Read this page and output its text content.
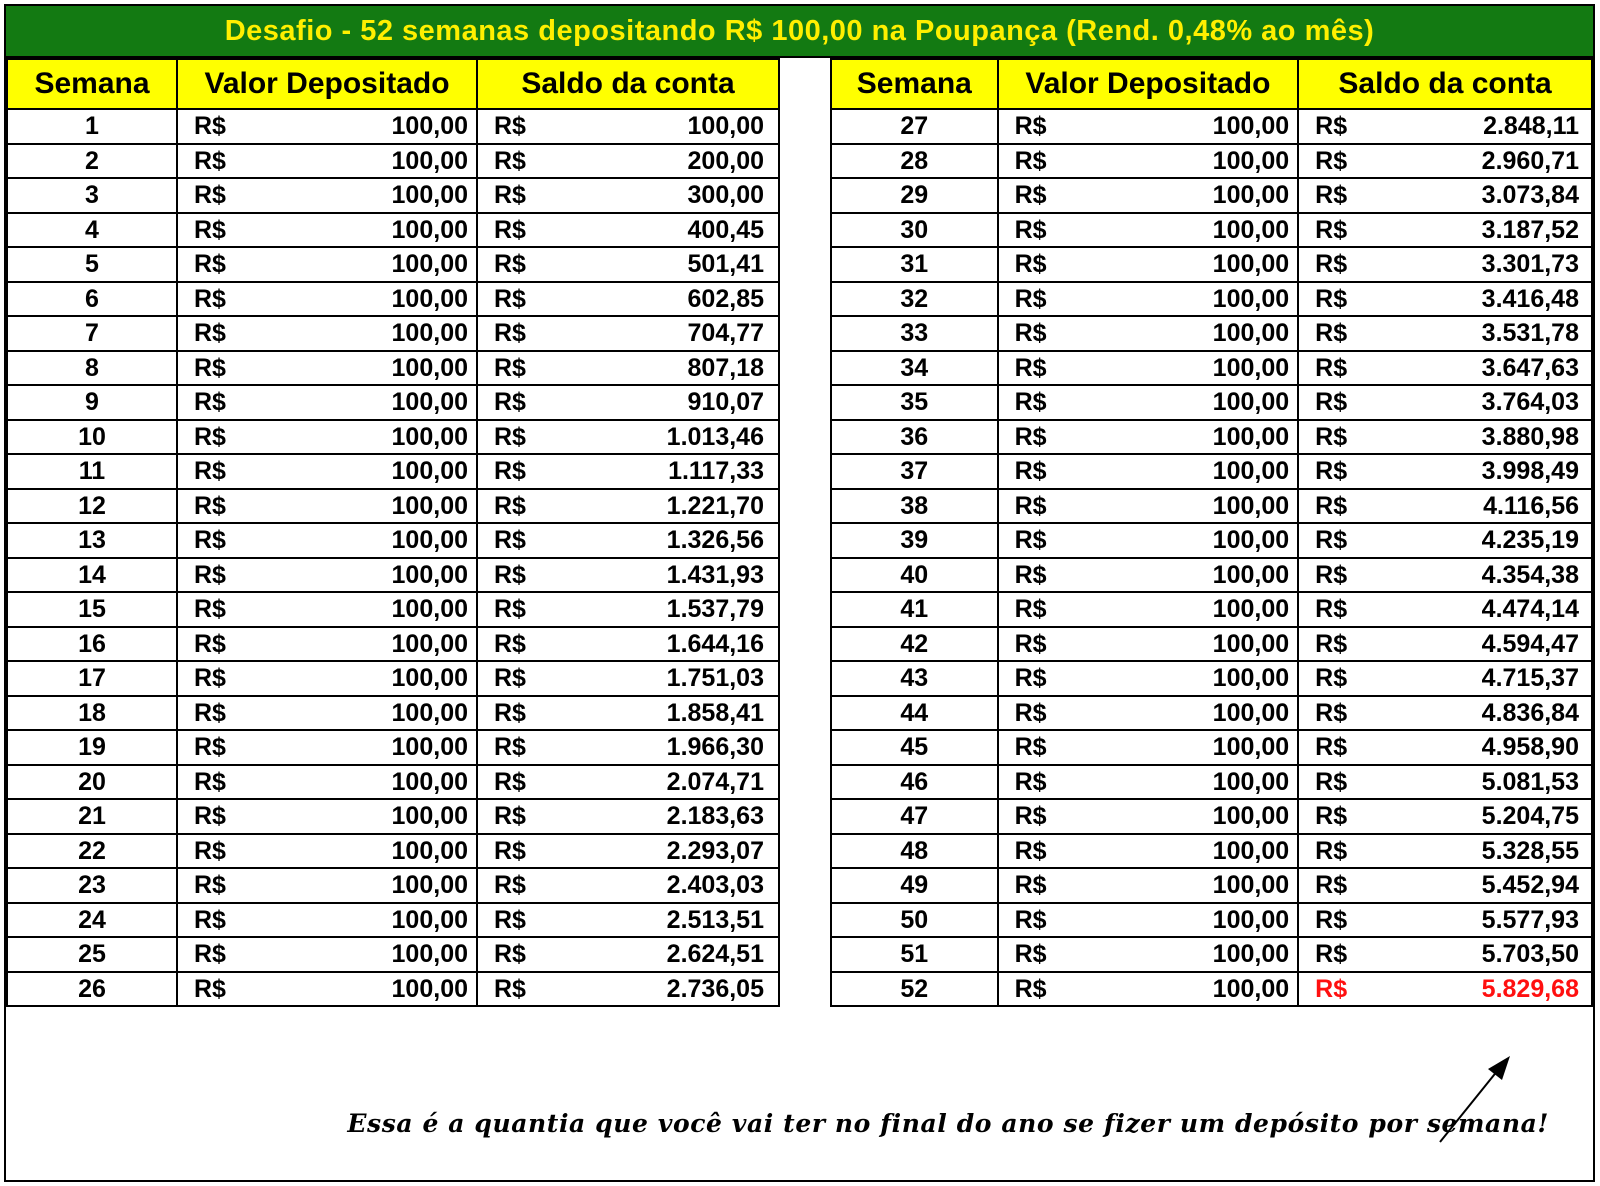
Desafio - 52 semanas depositando R$ 100,00 na Poupança (Rend. 0,48% ao mês)
Semana	Valor Depositado	Saldo da conta
1	R$ 100,00	R$ 100,00

2	R$ 100,00	R$ 200,00

3	R$ 100,00	R$ 300,00

4	R$ 100,00	R$ 400,45

5	R$ 100,00	R$ 501,41

6	R$ 100,00	R$ 602,85

7	R$ 100,00	R$ 704,77

8	R$ 100,00	R$ 807,18

9	R$ 100,00	R$ 910,07

10	R$ 100,00	R$ 1.013,46

11	R$ 100,00	R$ 1.117,33

12	R$ 100,00	R$ 1.221,70

13	R$ 100,00	R$ 1.326,56

14	R$ 100,00	R$ 1.431,93

15	R$ 100,00	R$ 1.537,79

16	R$ 100,00	R$ 1.644,16

17	R$ 100,00	R$ 1.751,03

18	R$ 100,00	R$ 1.858,41

19	R$ 100,00	R$ 1.966,30

20	R$ 100,00	R$ 2.074,71

21	R$ 100,00	R$ 2.183,63

22	R$ 100,00	R$ 2.293,07

23	R$ 100,00	R$ 2.403,03

24	R$ 100,00	R$ 2.513,51

25	R$ 100,00	R$ 2.624,51

26	R$ 100,00	R$ 2.736,05
Semana	Valor Depositado	Saldo da conta
27	R$ 100,00	R$ 2.848,11

28	R$ 100,00	R$ 2.960,71

29	R$ 100,00	R$ 3.073,84

30	R$ 100,00	R$ 3.187,52

31	R$ 100,00	R$ 3.301,73

32	R$ 100,00	R$ 3.416,48

33	R$ 100,00	R$ 3.531,78

34	R$ 100,00	R$ 3.647,63

35	R$ 100,00	R$ 3.764,03

36	R$ 100,00	R$ 3.880,98

37	R$ 100,00	R$ 3.998,49

38	R$ 100,00	R$ 4.116,56

39	R$ 100,00	R$ 4.235,19

40	R$ 100,00	R$ 4.354,38

41	R$ 100,00	R$ 4.474,14

42	R$ 100,00	R$ 4.594,47

43	R$ 100,00	R$ 4.715,37

44	R$ 100,00	R$ 4.836,84

45	R$ 100,00	R$ 4.958,90

46	R$ 100,00	R$ 5.081,53

47	R$ 100,00	R$ 5.204,75

48	R$ 100,00	R$ 5.328,55

49	R$ 100,00	R$ 5.452,94

50	R$ 100,00	R$ 5.577,93

51	R$ 100,00	R$ 5.703,50

52	R$ 100,00	R$ 5.829,68
Essa é a quantia que você vai ter no final do ano se fizer um depósito por semana!
